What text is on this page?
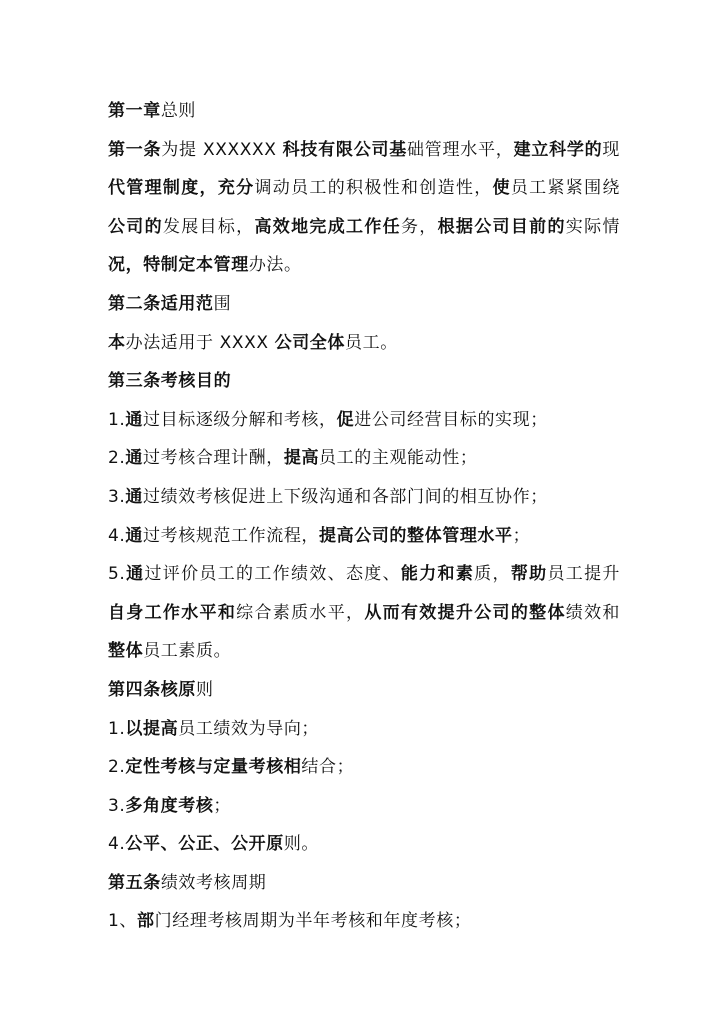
第一章总则
第一条为提 XXXXXX 科技有限公司基础管理水平，建立科学的现
代管理制度，充分调动员工的积极性和创造性，使员工紧紧围绕
公司的发展目标，高效地完成工作任务，根据公司目前的实际情
况，特制定本管理办法。
第二条适用范围
本办法适用于 XXXX 公司全体员工。
第三条考核目的
1.通过目标逐级分解和考核，促进公司经营目标的实现；
2.通过考核合理计酬，提高员工的主观能动性；
3.通过绩效考核促进上下级沟通和各部门间的相互协作；
4.通过考核规范工作流程，提高公司的整体管理水平；
5.通过评价员工的工作绩效、态度、能力和素质，帮助员工提升
自身工作水平和综合素质水平，从而有效提升公司的整体绩效和
整体员工素质。
第四条核原则
1.以提高员工绩效为导向；
2.定性考核与定量考核相结合；
3.多角度考核；
4.公平、公正、公开原则。
第五条绩效考核周期
1、部门经理考核周期为半年考核和年度考核；
